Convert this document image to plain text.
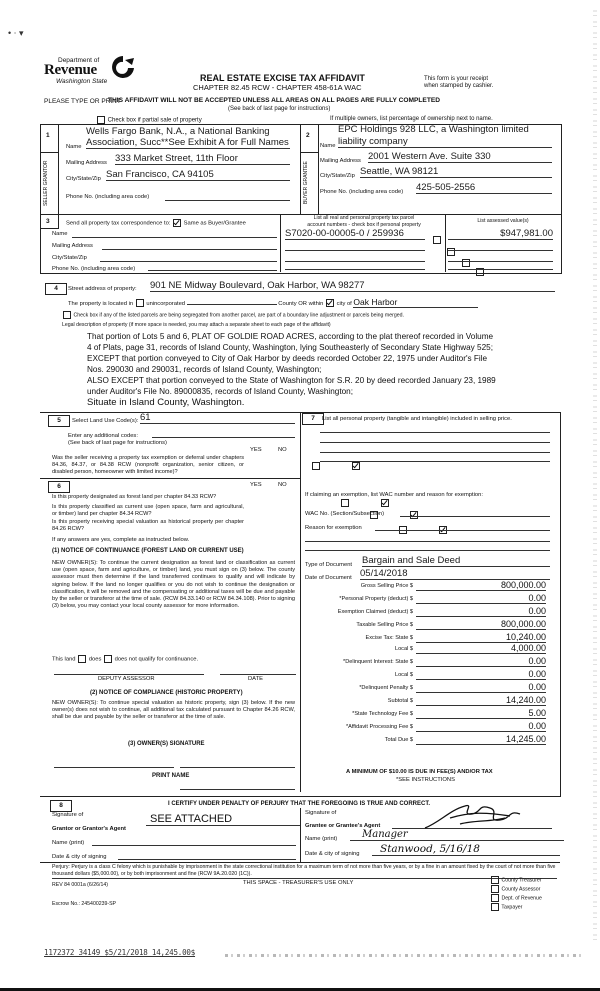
• ⋅ ▾
Department of
Revenue
Washington State
PLEASE TYPE OR PRINT
REAL ESTATE EXCISE TAX AFFIDAVIT
CHAPTER 82.45 RCW - CHAPTER 458-61A WAC
This form is your receipt
when stamped by cashier.
THIS AFFIDAVIT WILL NOT BE ACCEPTED UNLESS ALL AREAS ON ALL PAGES ARE FULLY COMPLETED
(See back of last page for instructions)
Check box if partial sale of property	If multiple owners, list percentage of ownership next to name.
1
SELLER GRANTOR
Wells Fargo Bank, N.A., a National Banking
Name Association, Succ**See Exhibit A for Full Names
Mailing Address 333 Market Street, 11th Floor
City/State/Zip San Francisco, CA 94105
Phone No. (including area code)
2
BUYER GRANTEE
EPC Holdings 928 LLC, a Washington limited
Name liability company
Mailing Address 2001 Western Ave. Suite 330
City/State/Zip Seattle, WA 98121
Phone No. (including area code) 425-505-2556
3	Send all property tax correspondence to: Same as Buyer/Grantee
Name
Mailing Address
City/State/Zip
Phone No. (including area code)
List all real and personal property tax parcel
account numbers - check box if personal property
List assessed value(s)
S7020-00-00005-0 / 259936
	$947,981.00

4	Street address of property: 901 NE Midway Boulevard, Oak Harbor, WA 98277
The property is located in unincorporated	County OR within city of Oak Harbor
Check box if any of the listed parcels are being segregated from another parcel, are part of a boundary line adjustment or parcels being merged.
Legal description of property (if more space is needed, you may attach a separate sheet to each page of the affidavit)
That portion of Lots 5 and 6, PLAT OF GOLDIE ROAD ACRES, according to the plat thereof recorded in Volume
4 of Plats, page 31, records of Island County, Washington, lying Southeasterly of Secondary State Highway 525;
EXCEPT that portion conveyed to City of Oak Harbor by deeds recorded October 22, 1975 under Auditor's File
Nos. 290030 and 290031, records of Island County, Washington;
ALSO EXCEPT that portion conveyed to the State of Washington for S.R. 20 by deed recorded January 23, 1989
under Auditor's File No. 89000835, records of Island County, Washington;
Situate in Island County, Washington.
5	Select Land Use Code(s): 61
Enter any additional codes:
(See back of last page for instructions)
YES	NO
Was the seller receiving a property tax exemption or deferral under chapters 84.36, 84.37, or 84.38 RCW (nonprofit organization, senior citizen, or disabled person, homeowner with limited income)?

6	YES	NO
Is this property designated as forest land per chapter 84.33 RCW?

Is this property classified as current use (open space, farm and agricultural, or timber) land per chapter 84.34 RCW?

Is this property receiving special valuation as historical property per chapter 84.26 RCW?

If any answers are yes, complete as instructed below.
(1) NOTICE OF CONTINUANCE (FOREST LAND OR CURRENT USE)
NEW OWNER(S): To continue the current designation as forest land or classification as current use (open space, farm and agriculture, or timber) land, you must sign on (3) below. The county assessor must then determine if the land transferred continues to qualify and will indicate by signing below. If the land no longer qualifies or you do not wish to continue the designation or classification, it will be removed and the compensating or additional taxes will be due and payable by the seller or transferor at the time of sale. (RCW 84.33.140 or RCW 84.34.108). Prior to signing (3) below, you may contact your local county assessor for more information.
This land does does not qualify for continuance.
DEPUTY ASSESSOR	DATE
(2) NOTICE OF COMPLIANCE (HISTORIC PROPERTY)
NEW OWNER(S): To continue special valuation as historic property, sign (3) below. If the new owner(s) does not wish to continue, all additional tax calculated pursuant to Chapter 84.26 RCW, shall be due and payable by the seller or transferor at the time of sale.
(3) OWNER(S) SIGNATURE
PRINT NAME
7	List all personal property (tangible and intangible) included in selling price.
If claiming an exemption, list WAC number and reason for exemption:
WAC No. (Section/Subsection)
Reason for exemption
Type of Document Bargain and Sale Deed
Date of Document 05/14/2018
Gross Selling Price $	800,000.00
*Personal Property (deduct) $	0.00
Exemption Claimed (deduct) $	0.00
Taxable Selling Price $	800,000.00
Excise Tax: State $	10,240.00
Local $	4,000.00
*Delinquent Interest: State $	0.00
Local $	0.00
*Delinquent Penalty $	0.00
Subtotal $	14,240.00
*State Technology Fee $	5.00
*Affidavit Processing Fee $	0.00
Total Due $	14,245.00
A MINIMUM OF $10.00 IS DUE IN FEE(S) AND/OR TAX
*SEE INSTRUCTIONS
8	I CERTIFY UNDER PENALTY OF PERJURY THAT THE FOREGOING IS TRUE AND CORRECT.
Signature of
Grantor or Grantor's Agent
SEE ATTACHED
Name (print)
Date & city of signing
Signature of
Grantee or Grantee's Agent
Name (print)	Manager
Date & city of signing	Stanwood, 5/16/18
Perjury: Perjury is a class C felony which is punishable by imprisonment in the state correctional institution for a maximum term of not more than five years, or by a fine in an amount fixed by the court of not more than five thousand dollars ($5,000.00), or by both imprisonment and fine (RCW 9A.20.020 (1C)).
REV 84 0001a (6/26/14)	THIS SPACE - TREASURER'S USE ONLY
Escrow No.: 245400239-SP
County Treasurer
County Assessor
Dept. of Revenue
Taxpayer
1172372 34149 $5/21/2018 14,245.00$
